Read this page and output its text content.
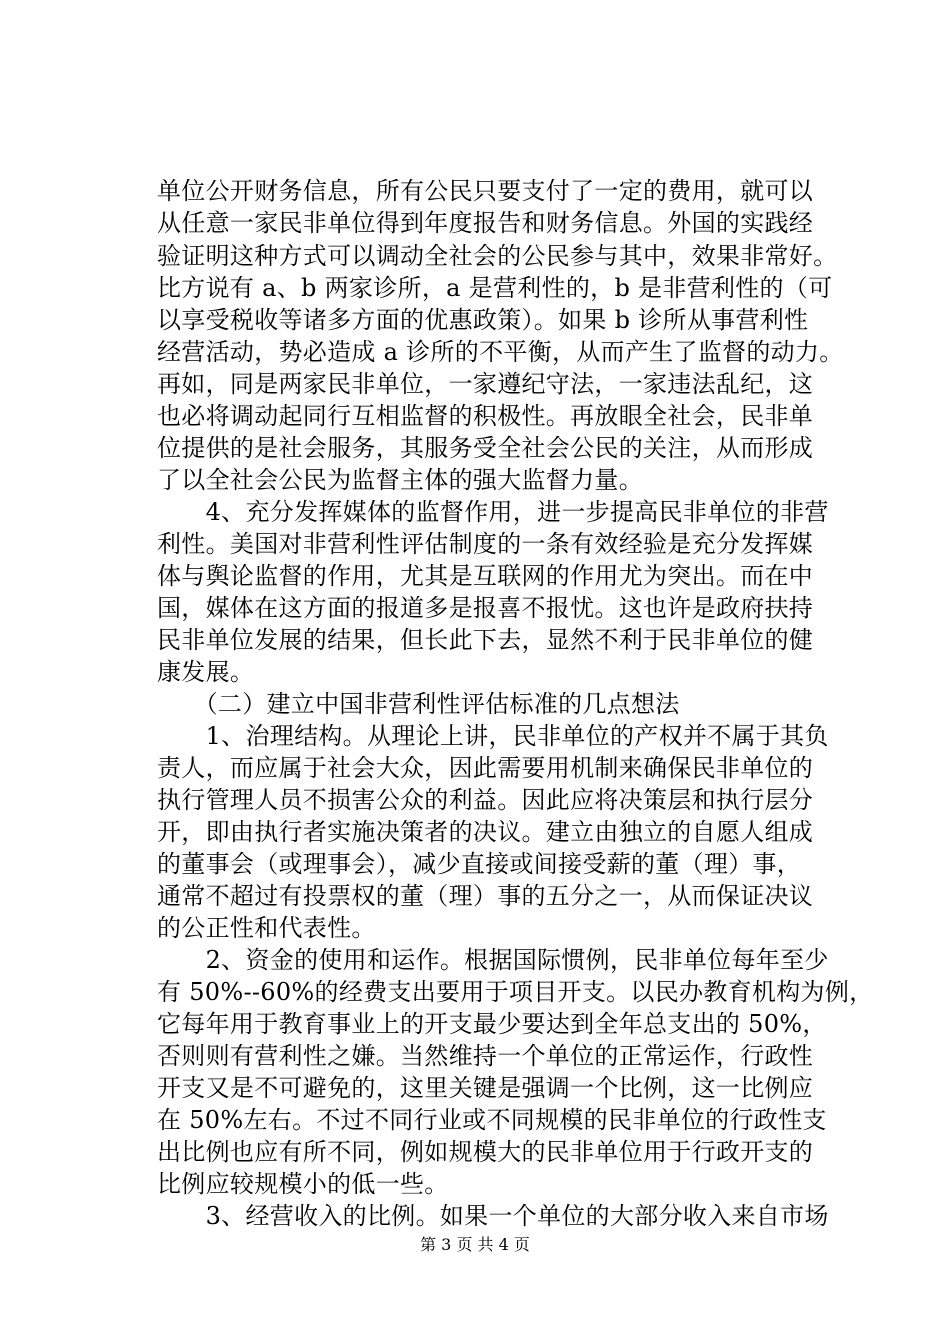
单位公开财务信息，所有公民只要支付了一定的费用，就可以
从任意一家民非单位得到年度报告和财务信息。外国的实践经
验证明这种方式可以调动全社会的公民参与其中，效果非常好。
比方说有 a、b 两家诊所，a 是营利性的，b 是非营利性的（可
以享受税收等诸多方面的优惠政策）。如果 b 诊所从事营利性
经营活动，势必造成 a 诊所的不平衡，从而产生了监督的动力。
再如，同是两家民非单位，一家遵纪守法，一家违法乱纪，这
也必将调动起同行互相监督的积极性。再放眼全社会，民非单
位提供的是社会服务，其服务受全社会公民的关注，从而形成
了以全社会公民为监督主体的强大监督力量。
　　4、充分发挥媒体的监督作用，进一步提高民非单位的非营
利性。美国对非营利性评估制度的一条有效经验是充分发挥媒
体与舆论监督的作用，尤其是互联网的作用尤为突出。而在中
国，媒体在这方面的报道多是报喜不报忧。这也许是政府扶持
民非单位发展的结果，但长此下去，显然不利于民非单位的健
康发展。
　　（二）建立中国非营利性评估标准的几点想法
　　1、治理结构。从理论上讲，民非单位的产权并不属于其负
责人，而应属于社会大众，因此需要用机制来确保民非单位的
执行管理人员不损害公众的利益。因此应将决策层和执行层分
开，即由执行者实施决策者的决议。建立由独立的自愿人组成
的董事会（或理事会），减少直接或间接受薪的董（理）事，
通常不超过有投票权的董（理）事的五分之一，从而保证决议
的公正性和代表性。
　　2、资金的使用和运作。根据国际惯例，民非单位每年至少
有 50%--60%的经费支出要用于项目开支。以民办教育机构为例，
它每年用于教育事业上的开支最少要达到全年总支出的 50%，
否则则有营利性之嫌。当然维持一个单位的正常运作，行政性
开支又是不可避免的，这里关键是强调一个比例，这一比例应
在 50%左右。不过不同行业或不同规模的民非单位的行政性支
出比例也应有所不同，例如规模大的民非单位用于行政开支的
比例应较规模小的低一些。
　　3、经营收入的比例。如果一个单位的大部分收入来自市场
第 3 页 共 4 页
